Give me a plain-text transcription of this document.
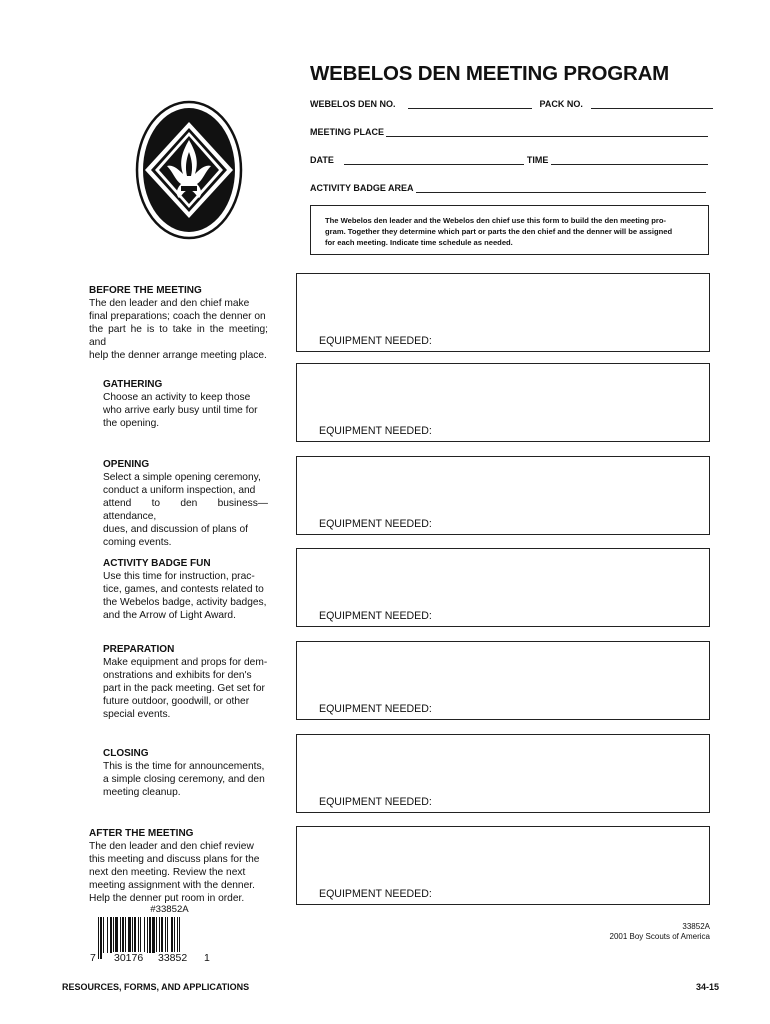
WEBELOS DEN MEETING PROGRAM
WEBELOS DEN NO.	PACK NO.
MEETING PLACE
DATE	TIME
ACTIVITY BADGE AREA
The Webelos den leader and the Webelos den chief use this form to build the den meeting pro-
gram. Together they determine which part or parts the den chief and the denner will be assigned
for each meeting. Indicate time schedule as needed.
BEFORE THE MEETING
The den leader and den chief make
final preparations; coach the denner on
the part he is to take in the meeting; and
help the denner arrange meeting place.
EQUIPMENT NEEDED:
GATHERING
Choose an activity to keep those
who arrive early busy until time for
the opening.
EQUIPMENT NEEDED:
OPENING
Select a simple opening ceremony,
conduct a uniform inspection, and
attend to den business—attendance,
dues, and discussion of plans of
coming events.
EQUIPMENT NEEDED:
ACTIVITY BADGE FUN
Use this time for instruction, prac-
tice, games, and contests related to
the Webelos badge, activity badges,
and the Arrow of Light Award.	EQUIPMENT NEEDED:
PREPARATION
Make equipment and props for dem-
onstrations and exhibits for den's
part in the pack meeting. Get set for
future outdoor, goodwill, or other
special events.	EQUIPMENT NEEDED:
CLOSING
This is the time for announcements,
a simple closing ceremony, and den
meeting cleanup.
EQUIPMENT NEEDED:
AFTER THE MEETING
The den leader and den chief review
this meeting and discuss plans for the
next den meeting. Review the next
meeting assignment with the denner.
Help the denner put room in order.	EQUIPMENT NEEDED:
#33852A
7 30176 33852 1
33852A
2001 Boy Scouts of America
RESOURCES, FORMS, AND APPLICATIONS	34-15
